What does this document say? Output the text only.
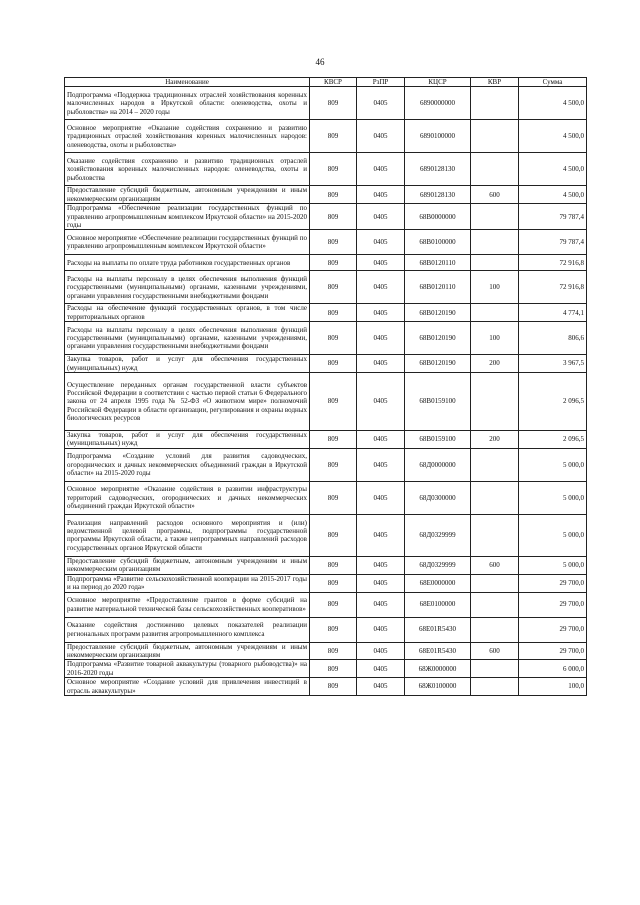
46
Наименование	КВСР	РзПР	КЦСР	КВР	Сумма
Подпрограмма «Поддержка традиционных отраслей хозяйствования коренных малочисленных народов в Иркутской области: оленеводства, охоты и рыболовства» на 2014 – 2020 годы	809	0405	6890000000		4 500,0
Основное мероприятие «Оказание содействия сохранению и развитию традиционных отраслей хозяйствования коренных малочисленных народов: оленеводства, охоты и рыболовства»	809	0405	6890100000		4 500,0
Оказание содействия сохранению и развитию традиционных отраслей хозяйствования коренных малочисленных народов: оленеводства, охоты и рыболовства	809	0405	6890128130		4 500,0
Предоставление субсидий бюджетным, автономным учреждениям и иным некоммерческим организациям	809	0405	6890128130	600	4 500,0
Подпрограмма «Обеспечение реализации государственных функций по управлению агропромышленным комплексом Иркутской области» на 2015-2020 годы	809	0405	68В0000000		79 787,4
Основное мероприятие «Обеспечение реализации государственных функций по управлению агропромышленным комплексом Иркутской области»	809	0405	68В0100000		79 787,4
Расходы на выплаты по оплате труда работников государственных органов	809	0405	68В0120110		72 916,8
Расходы на выплаты персоналу в целях обеспечения выполнения функций государственными (муниципальными) органами, казенными учреждениями, органами управления государственными внебюджетными фондами	809	0405	68В0120110	100	72 916,8
Расходы на обеспечение функций государственных органов, в том числе территориальных органов	809	0405	68В0120190		4 774,1
Расходы на выплаты персоналу в целях обеспечения выполнения функций государственными (муниципальными) органами, казенными учреждениями, органами управления государственными внебюджетными фондами	809	0405	68В0120190	100	806,6
Закупка товаров, работ и услуг для обеспечения государственных (муниципальных) нужд	809	0405	68В0120190	200	3 967,5
Осуществление переданных органам государственной власти субъектов Российской Федерации в соответствии с частью первой статьи 6 Федерального закона от 24 апреля 1995 года № 52-ФЗ «О животном мире» полномочий Российской Федерации в области организации, регулирования и охраны водных биологических ресурсов	809	0405	68В0159100		2 096,5
Закупка товаров, работ и услуг для обеспечения государственных (муниципальных) нужд	809	0405	68В0159100	200	2 096,5
Подпрограмма «Создание условий для развития садоводческих, огороднических и дачных некоммерческих объединений граждан в Иркутской области» на 2015-2020 годы	809	0405	68Д0000000		5 000,0
Основное мероприятие «Оказание содействия в развитии инфраструктуры территорий садоводческих, огороднических и дачных некоммерческих объединений граждан Иркутской области»	809	0405	68Д0300000		5 000,0
Реализация направлений расходов основного мероприятия и (или) ведомственной целевой программы, подпрограммы государственной программы Иркутской области, а также непрограммных направлений расходов государственных органов Иркутской области	809	0405	68Д0329999		5 000,0
Предоставление субсидий бюджетным, автономным учреждениям и иным некоммерческим организациям	809	0405	68Д0329999	600	5 000,0
Подпрограмма «Развитие сельскохозяйственной кооперации на 2015-2017 годы и на период до 2020 года»	809	0405	68Е0000000		29 700,0
Основное мероприятие «Предоставление грантов в форме субсидий на развитие материальной технической базы сельскохозяйственных кооперативов»	809	0405	68Е0100000		29 700,0
Оказание содействия достижению целевых показателей реализации региональных программ развития агропромышленного комплекса	809	0405	68Е01R5430		29 700,0
Предоставление субсидий бюджетным, автономным учреждениям и иным некоммерческим организациям	809	0405	68Е01R5430	600	29 700,0
Подпрограмма «Развитие товарной аквакультуры (товарного рыбоводства)» на 2016-2020 годы	809	0405	68Ж0000000		6 000,0
Основное мероприятие «Создание условий для привлечения инвестиций в отрасль аквакультуры»	809	0405	68Ж0100000		100,0
